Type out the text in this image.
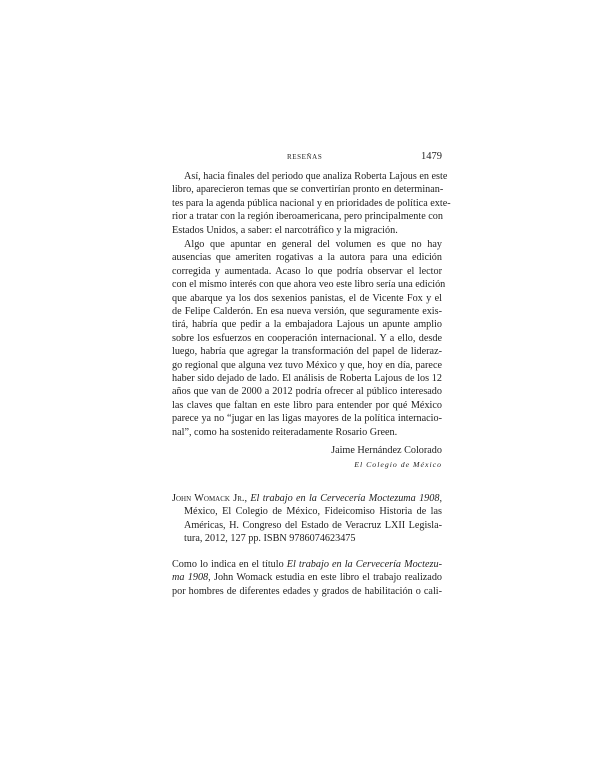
RESEÑAS	1479

Así, hacia finales del periodo que analiza Roberta Lajous en este
libro, aparecieron temas que se convertirían pronto en determinan-
tes para la agenda pública nacional y en prioridades de política exte-
rior a tratar con la región iberoamericana, pero principalmente con
Estados Unidos, a saber: el narcotráfico y la migración.

Algo que apuntar en general del volumen es que no hay
ausencias que ameriten rogativas a la autora para una edición
corregida y aumentada. Acaso lo que podría observar el lector
con el mismo interés con que ahora veo este libro sería una edición
que abarque ya los dos sexenios panistas, el de Vicente Fox y el
de Felipe Calderón. En esa nueva versión, que seguramente exis-
tirá, habría que pedir a la embajadora Lajous un apunte amplio
sobre los esfuerzos en cooperación internacional. Y a ello, desde
luego, habría que agregar la transformación del papel de lideraz-
go regional que alguna vez tuvo México y que, hoy en día, parece
haber sido dejado de lado. El análisis de Roberta Lajous de los 12
años que van de 2000 a 2012 podría ofrecer al público interesado
las claves que faltan en este libro para entender por qué México
parece ya no “jugar en las ligas mayores de la política internacio-
nal”, como ha sostenido reiteradamente Rosario Green.

Jaime Hernández Colorado
El Colegio de México

John Womack Jr., El trabajo en la Cervecería Moctezuma 1908,
México, El Colegio de México, Fideicomiso Historia de las
Américas, H. Congreso del Estado de Veracruz LXII Legisla-
tura, 2012, 127 pp. ISBN 9786074623475

Como lo indica en el título El trabajo en la Cervecería Moctezu-
ma 1908, John Womack estudia en este libro el trabajo realizado
por hombres de diferentes edades y grados de habilitación o cali-
